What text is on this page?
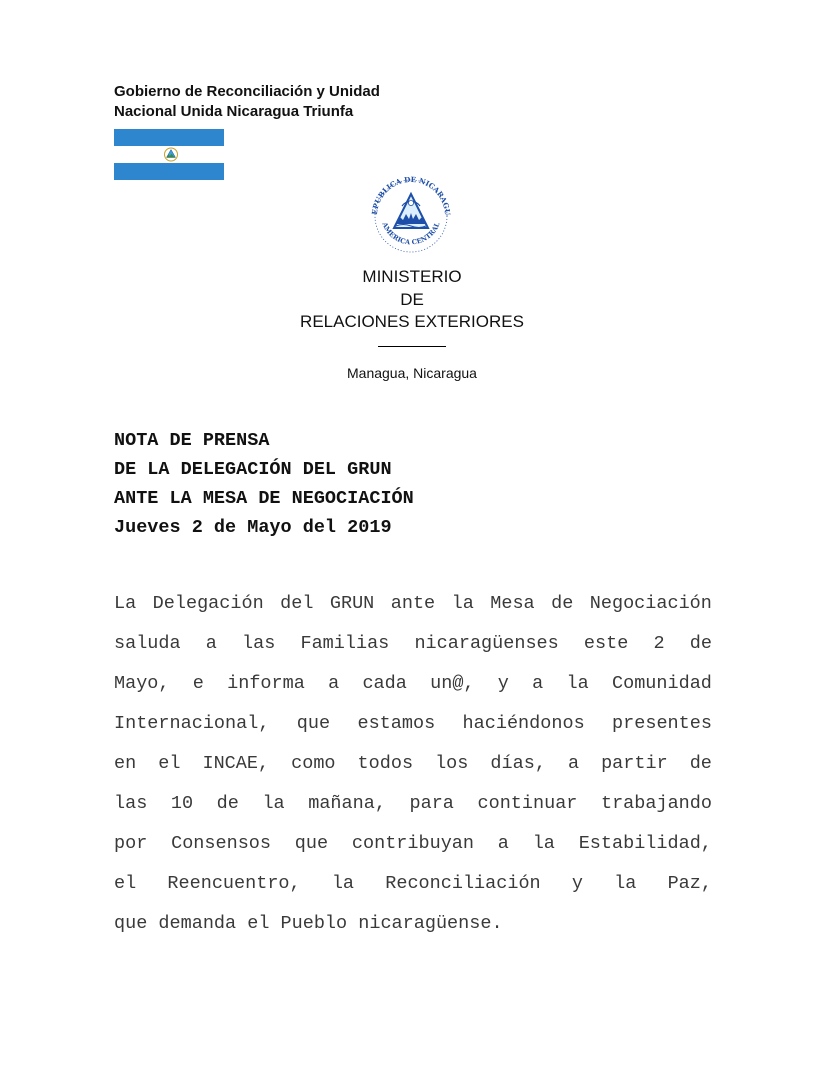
Gobierno de Reconciliación y Unidad
Nacional Unida Nicaragua Triunfa
EPUBLICA DE NICARAGU
AMERICA CENTRAL
MINISTERIO
DE
RELACIONES EXTERIORES
Managua, Nicaragua
NOTA DE PRENSA
DE LA DELEGACIÓN DEL GRUN
ANTE LA MESA DE NEGOCIACIÓN
Jueves 2 de Mayo del 2019
La Delegación del GRUN ante la Mesa de Negociación
saluda a las Familias nicaragüenses este 2 de
Mayo, e informa a cada un@, y a la Comunidad
Internacional, que estamos haciéndonos presentes
en el INCAE, como todos los días, a partir de
las 10 de la mañana, para continuar trabajando
por Consensos que contribuyan a la Estabilidad,
el Reencuentro, la Reconciliación y la Paz,
que demanda el Pueblo nicaragüense.
